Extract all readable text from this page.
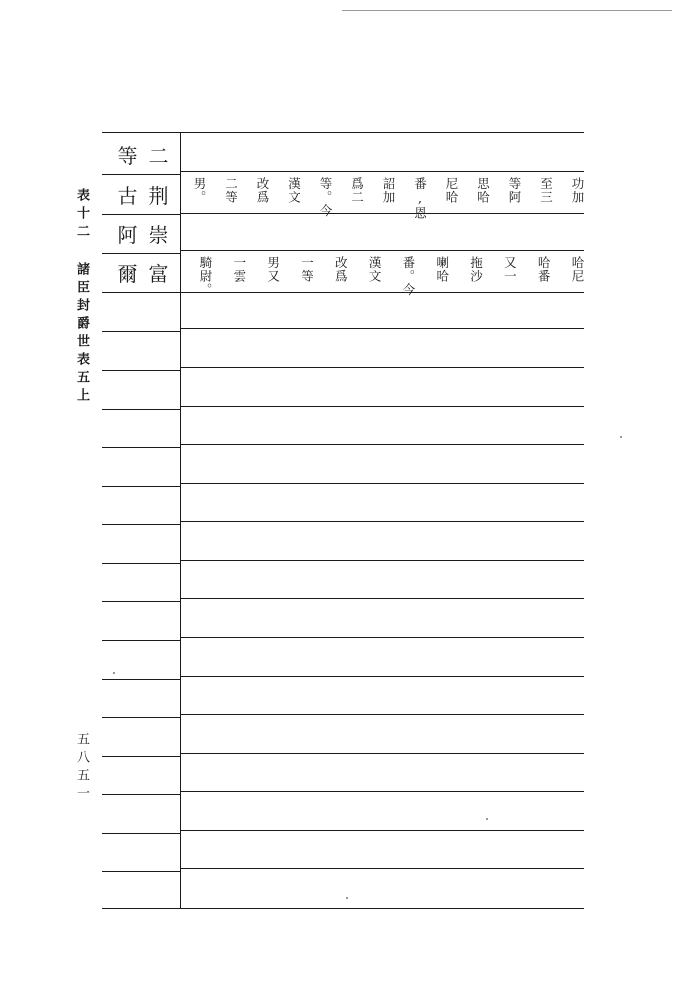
表十二
諸臣封爵世表五上
五八五一
等 二
古 荆
阿 崇
爾 富
功加
至三
等阿
思哈
尼哈
番,恩
詔加
爲二
等。今
漢文
改爲
二等
男。
哈尼
哈番
又一
拖沙
喇哈
番。今
漢文
改爲
一等
男又
一雲
騎尉。
